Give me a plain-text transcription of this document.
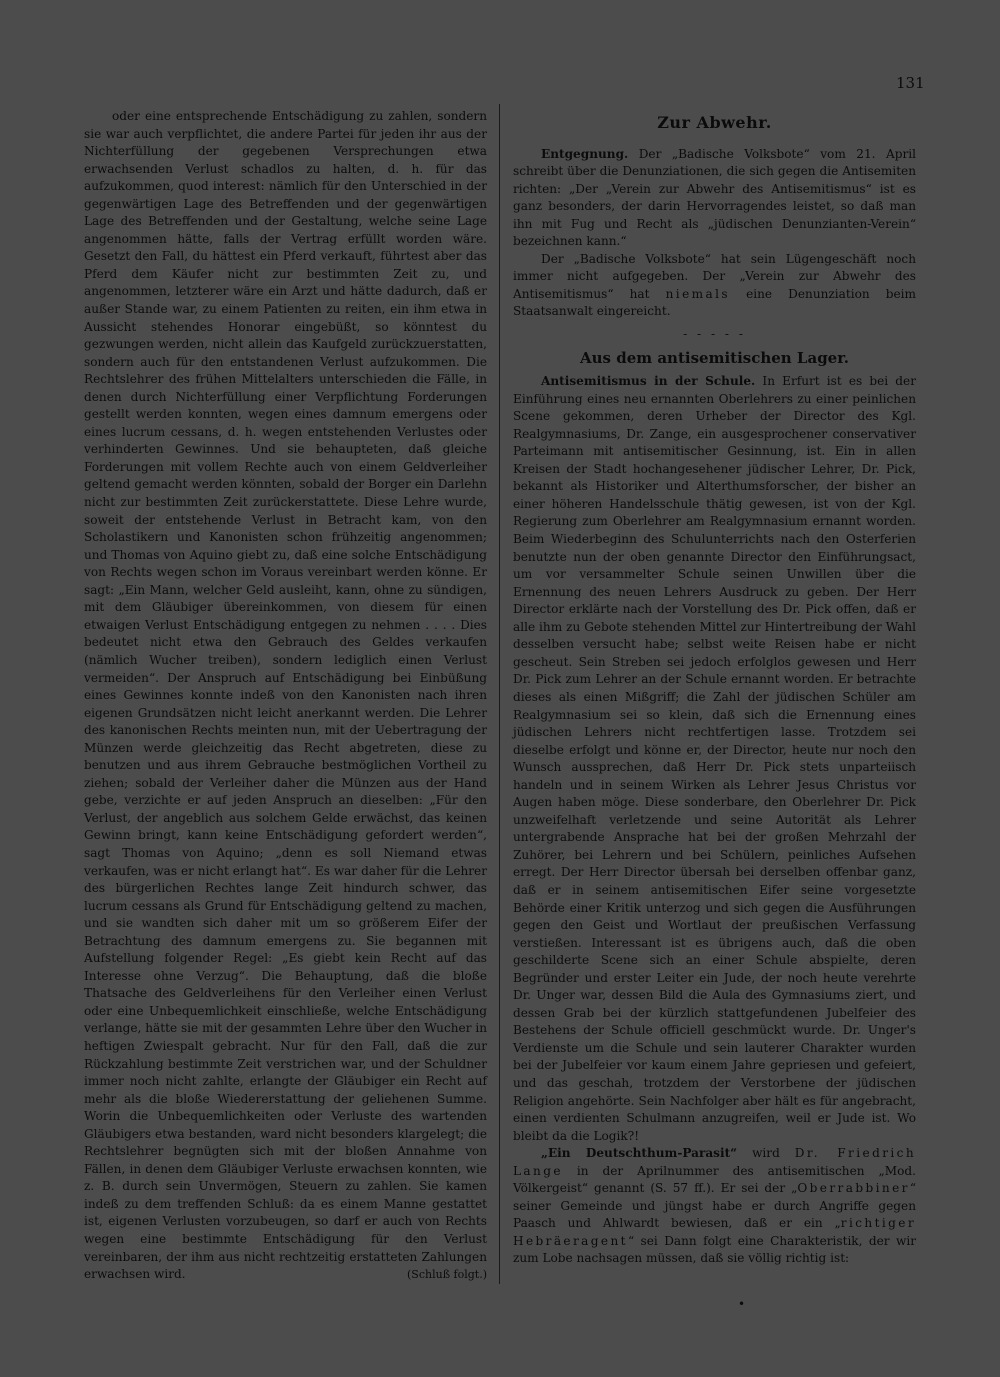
131

oder eine entsprechende Entschädigung zu zahlen, sondern sie war auch verpflichtet, die andere Partei für jeden ihr aus der Nichterfüllung der gegebenen Versprechungen etwa erwachsenden Verlust schadlos zu halten, d. h. für das aufzukommen, quod interest: nämlich für den Unterschied in der gegenwärtigen Lage des Betreffenden und der gegenwärtigen Lage des Betreffenden und der Gestaltung, welche seine Lage angenommen hätte, falls der Vertrag erfüllt worden wäre. Gesetzt den Fall, du hättest ein Pferd verkauft, führtest aber das Pferd dem Käufer nicht zur bestimmten Zeit zu, und angenommen, letzterer wäre ein Arzt und hätte dadurch, daß er außer Stande war, zu einem Patienten zu reiten, ein ihm etwa in Aussicht stehendes Honorar eingebüßt, so könntest du gezwungen werden, nicht allein das Kaufgeld zurückzuerstatten, sondern auch für den entstandenen Verlust aufzukommen. Die Rechtslehrer des frühen Mittelalters unterschieden die Fälle, in denen durch Nichterfüllung einer Verpflichtung Forderungen gestellt werden konnten, wegen eines damnum emergens oder eines lucrum cessans, d. h. wegen entstehenden Verlustes oder verhinderten Gewinnes. Und sie behaupteten, daß gleiche Forderungen mit vollem Rechte auch von einem Geldverleiher geltend gemacht werden könnten, sobald der Borger ein Darlehn nicht zur bestimmten Zeit zurückerstattete. Diese Lehre wurde, soweit der entstehende Verlust in Betracht kam, von den Scholastikern und Kanonisten schon frühzeitig angenommen; und Thomas von Aquino giebt zu, daß eine solche Entschädigung von Rechts wegen schon im Voraus vereinbart werden könne. Er sagt: „Ein Mann, welcher Geld ausleiht, kann, ohne zu sündigen, mit dem Gläubiger übereinkommen, von diesem für einen etwaigen Verlust Entschädigung entgegen zu nehmen . . . . Dies bedeutet nicht etwa den Gebrauch des Geldes verkaufen (nämlich Wucher treiben), sondern lediglich einen Verlust vermeiden“. Der Anspruch auf Entschädigung bei Einbüßung eines Gewinnes konnte indeß von den Kanonisten nach ihren eigenen Grundsätzen nicht leicht anerkannt werden. Die Lehrer des kanonischen Rechts meinten nun, mit der Uebertragung der Münzen werde gleichzeitig das Recht abgetreten, diese zu benutzen und aus ihrem Gebrauche bestmöglichen Vortheil zu ziehen; sobald der Verleiher daher die Münzen aus der Hand gebe, verzichte er auf jeden Anspruch an dieselben: „Für den Verlust, der angeblich aus solchem Gelde erwächst, das keinen Gewinn bringt, kann keine Entschädigung gefordert werden“, sagt Thomas von Aquino; „denn es soll Niemand etwas verkaufen, was er nicht erlangt hat“. Es war daher für die Lehrer des bürgerlichen Rechtes lange Zeit hindurch schwer, das lucrum cessans als Grund für Entschädigung geltend zu machen, und sie wandten sich daher mit um so größerem Eifer der Betrachtung des damnum emergens zu. Sie begannen mit Aufstellung folgender Regel: „Es giebt kein Recht auf das Interesse ohne Verzug“. Die Behauptung, daß die bloße Thatsache des Geldverleihens für den Verleiher einen Verlust oder eine Unbequemlichkeit einschließe, welche Entschädigung verlange, hätte sie mit der gesammten Lehre über den Wucher in heftigen Zwiespalt gebracht. Nur für den Fall, daß die zur Rückzahlung bestimmte Zeit verstrichen war, und der Schuldner immer noch nicht zahlte, erlangte der Gläubiger ein Recht auf mehr als die bloße Wiedererstattung der geliehenen Summe. Worin die Unbequemlichkeiten oder Verluste des wartenden Gläubigers etwa bestanden, ward nicht besonders klargelegt; die Rechtslehrer begnügten sich mit der bloßen Annahme von Fällen, in denen dem Gläubiger Verluste erwachsen konnten, wie z. B. durch sein Unvermögen, Steuern zu zahlen. Sie kamen indeß zu dem treffenden Schluß: da es einem Manne gestattet ist, eigenen Verlusten vorzubeugen, so darf er auch von Rechts wegen eine bestimmte Entschädigung für den Verlust vereinbaren, der ihm aus nicht rechtzeitig erstatteten Zahlungen erwachsen wird.	(Schluß folgt.)

Zur Abwehr.

Entgegnung. Der „Badische Volksbote“ vom 21. April schreibt über die Denunziationen, die sich gegen die Antisemiten richten: „Der „Verein zur Abwehr des Antisemitismus“ ist es ganz besonders, der darin Hervorragendes leistet, so daß man ihn mit Fug und Recht als „jüdischen Denunzianten-Verein“ bezeichnen kann.“

Der „Badische Volksbote“ hat sein Lügengeschäft noch immer nicht aufgegeben. Der „Verein zur Abwehr des Antisemitismus“ hat niemals eine Denunziation beim Staatsanwalt eingereicht.

- - - - -

Aus dem antisemitischen Lager.

Antisemitismus in der Schule. In Erfurt ist es bei der Einführung eines neu ernannten Oberlehrers zu einer peinlichen Scene gekommen, deren Urheber der Director des Kgl. Realgymnasiums, Dr. Zange, ein ausgesprochener conservativer Parteimann mit antisemitischer Gesinnung, ist. Ein in allen Kreisen der Stadt hochangesehener jüdischer Lehrer, Dr. Pick, bekannt als Historiker und Alterthumsforscher, der bisher an einer höheren Handelsschule thätig gewesen, ist von der Kgl. Regierung zum Oberlehrer am Realgymnasium ernannt worden. Beim Wiederbeginn des Schulunterrichts nach den Osterferien benutzte nun der oben genannte Director den Einführungsact, um vor versammelter Schule seinen Unwillen über die Ernennung des neuen Lehrers Ausdruck zu geben. Der Herr Director erklärte nach der Vorstellung des Dr. Pick offen, daß er alle ihm zu Gebote stehenden Mittel zur Hintertreibung der Wahl desselben versucht habe; selbst weite Reisen habe er nicht gescheut. Sein Streben sei jedoch erfolglos gewesen und Herr Dr. Pick zum Lehrer an der Schule ernannt worden. Er betrachte dieses als einen Mißgriff; die Zahl der jüdischen Schüler am Realgymnasium sei so klein, daß sich die Ernennung eines jüdischen Lehrers nicht rechtfertigen lasse. Trotzdem sei dieselbe erfolgt und könne er, der Director, heute nur noch den Wunsch aussprechen, daß Herr Dr. Pick stets unparteiisch handeln und in seinem Wirken als Lehrer Jesus Christus vor Augen haben möge. Diese sonderbare, den Oberlehrer Dr. Pick unzweifelhaft verletzende und seine Autorität als Lehrer untergrabende Ansprache hat bei der großen Mehrzahl der Zuhörer, bei Lehrern und bei Schülern, peinliches Aufsehen erregt. Der Herr Director übersah bei derselben offenbar ganz, daß er in seinem antisemitischen Eifer seine vorgesetzte Behörde einer Kritik unterzog und sich gegen die Ausführungen gegen den Geist und Wortlaut der preußischen Verfassung verstießen. Interessant ist es übrigens auch, daß die oben geschilderte Scene sich an einer Schule abspielte, deren Begründer und erster Leiter ein Jude, der noch heute verehrte Dr. Unger war, dessen Bild die Aula des Gymnasiums ziert, und dessen Grab bei der kürzlich stattgefundenen Jubelfeier des Bestehens der Schule officiell geschmückt wurde. Dr. Unger's Verdienste um die Schule und sein lauterer Charakter wurden bei der Jubelfeier vor kaum einem Jahre gepriesen und gefeiert, und das geschah, trotzdem der Verstorbene der jüdischen Religion angehörte. Sein Nachfolger aber hält es für angebracht, einen verdienten Schulmann anzugreifen, weil er Jude ist. Wo bleibt da die Logik?!

„Ein Deutschthum-Parasit“ wird Dr. Friedrich Lange in der Aprilnummer des antisemitischen „Mod. Völkergeist“ genannt (S. 57 ff.). Er sei der „Oberrabbiner“ seiner Gemeinde und jüngst habe er durch Angriffe gegen Paasch und Ahlwardt bewiesen, daß er ein „richtiger Hebräeragent“ sei Dann folgt eine Charakteristik, der wir zum Lobe nachsagen müssen, daß sie völlig richtig ist:

•
